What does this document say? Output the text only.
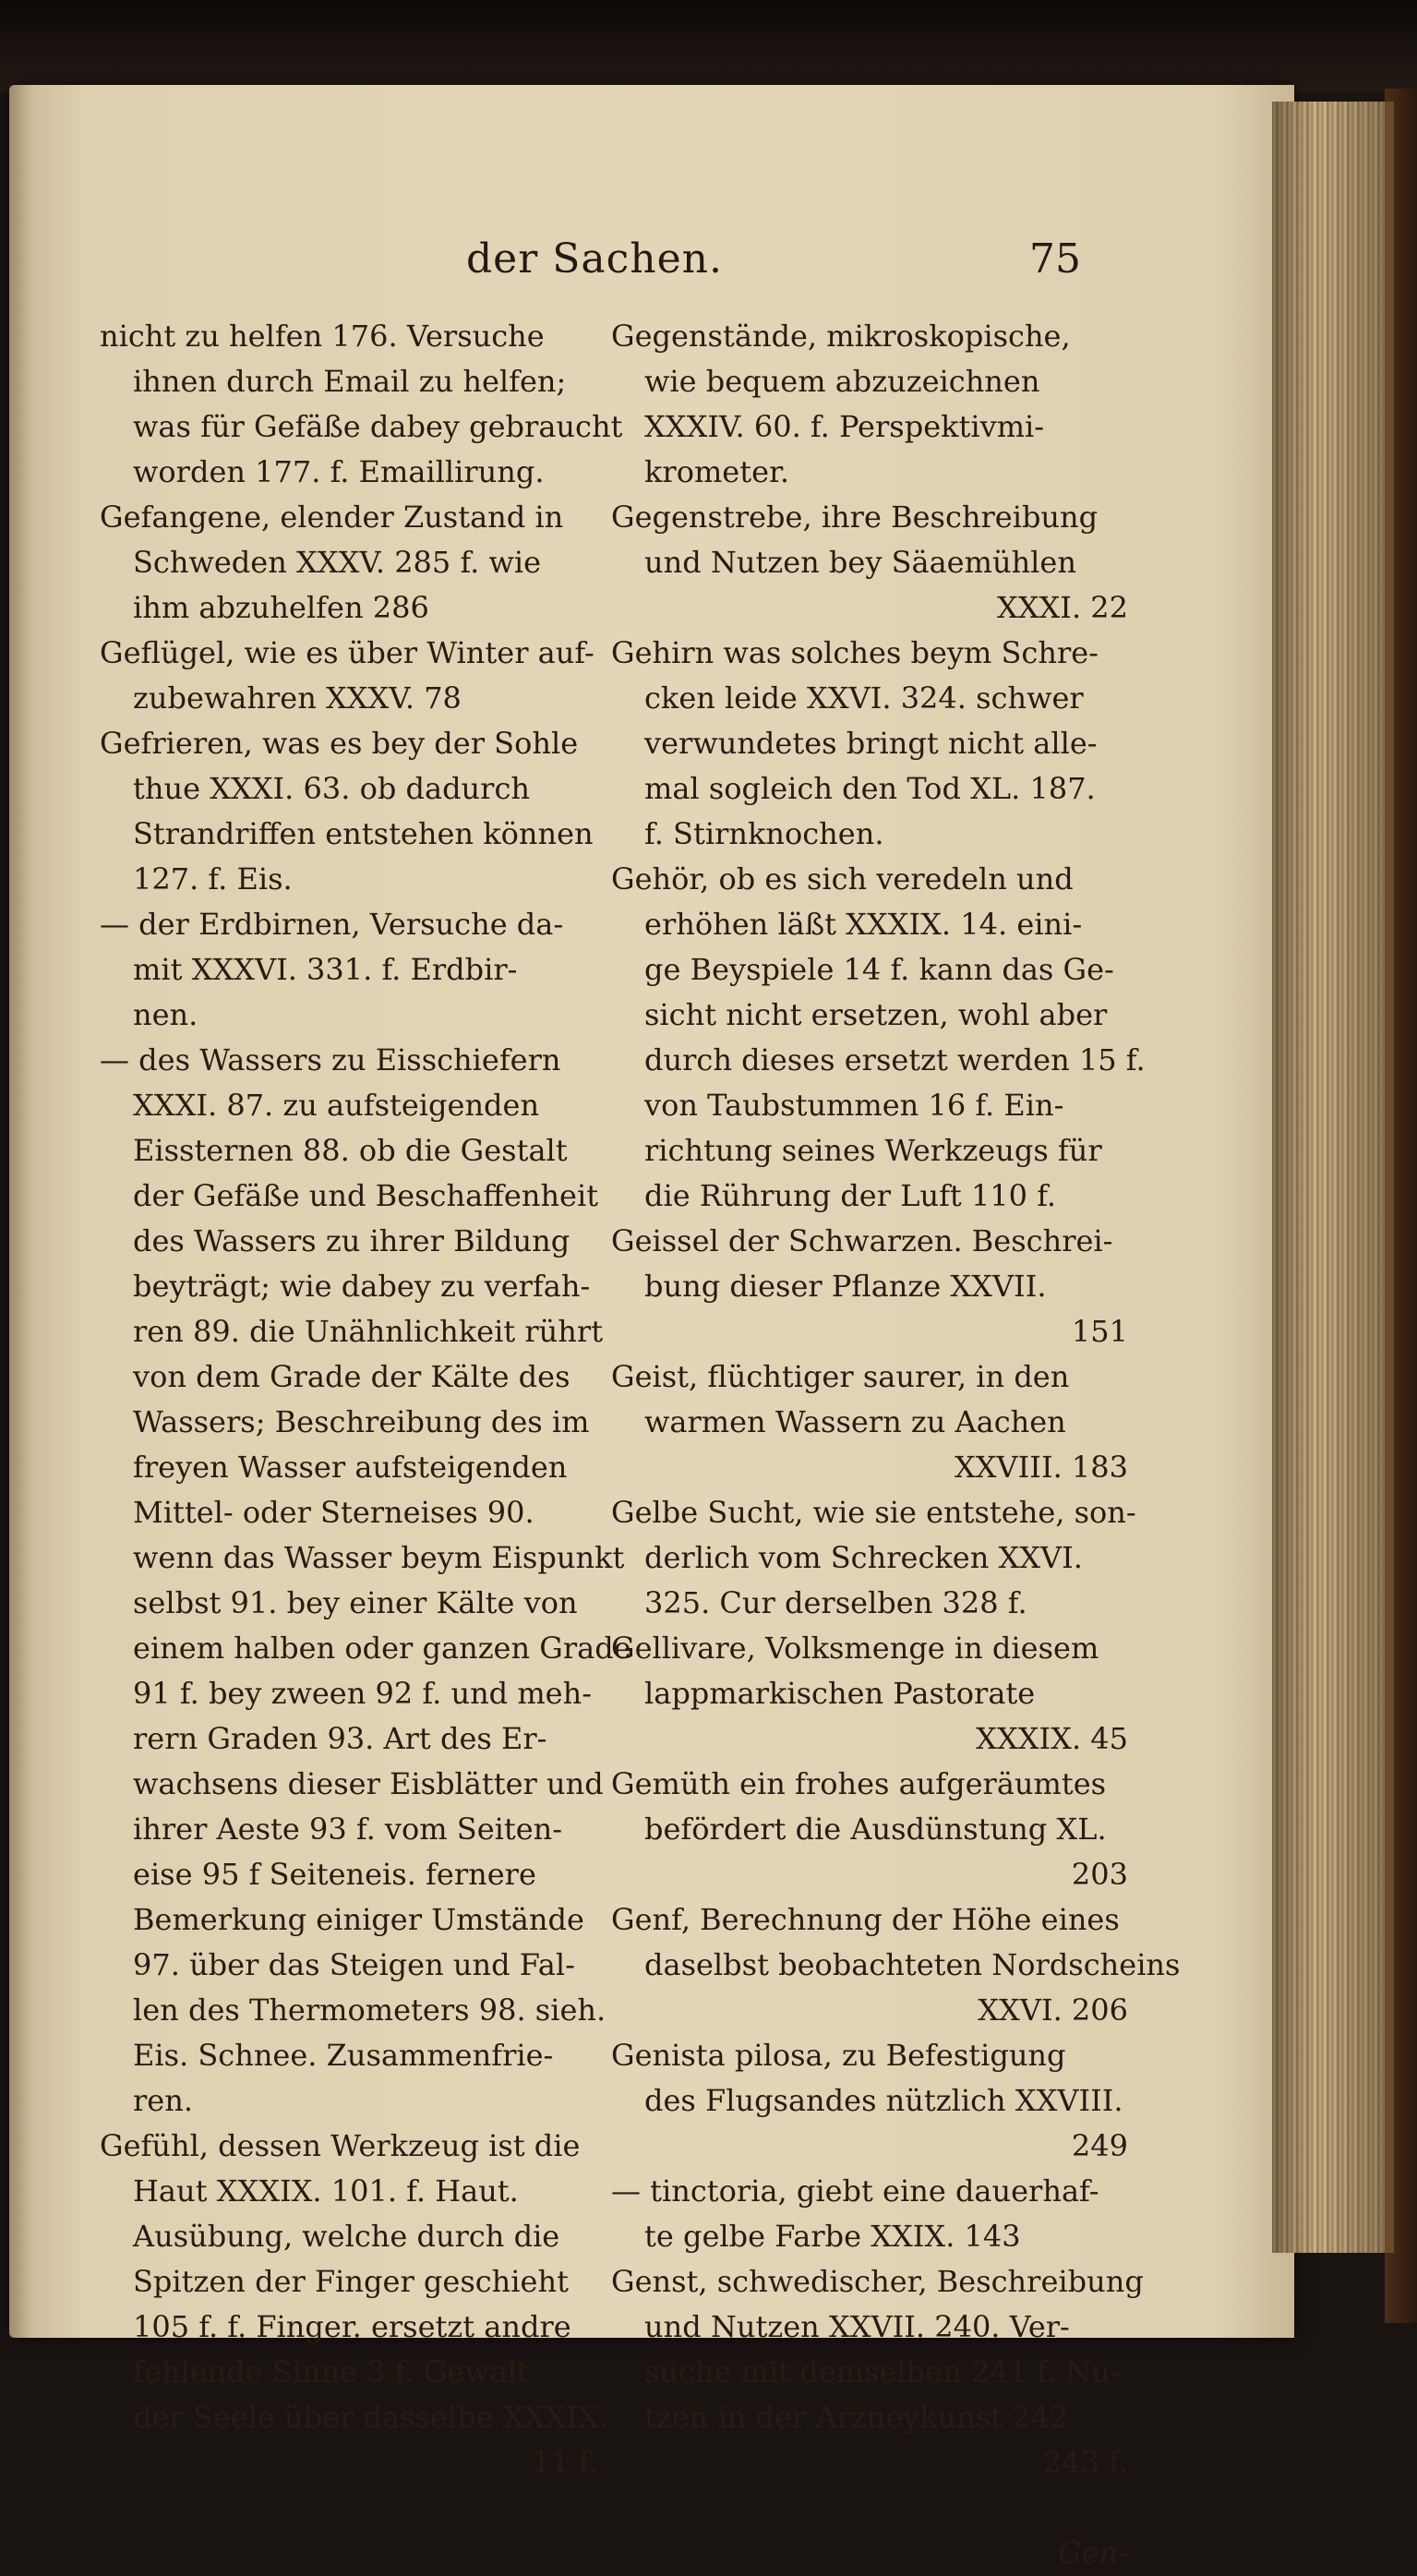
der Sachen.	75
nicht zu helfen 176. Versuche
ihnen durch Email zu helfen;
was für Gefäße dabey gebraucht
worden 177. f. Emaillirung.
Gefangene, elender Zustand in
Schweden XXXV. 285 f. wie
ihm abzuhelfen 286
Geflügel, wie es über Winter auf-
zubewahren XXXV. 78
Gefrieren, was es bey der Sohle
thue XXXI. 63. ob dadurch
Strandriffen entstehen können
127. f. Eis.
— der Erdbirnen, Versuche da-
mit XXXVI. 331. f. Erdbir-
nen.
— des Wassers zu Eisschiefern
XXXI. 87. zu aufsteigenden
Eissternen 88. ob die Gestalt
der Gefäße und Beschaffenheit
des Wassers zu ihrer Bildung
beyträgt; wie dabey zu verfah-
ren 89. die Unähnlichkeit rührt
von dem Grade der Kälte des
Wassers; Beschreibung des im
freyen Wasser aufsteigenden
Mittel- oder Sterneises 90.
wenn das Wasser beym Eispunkt
selbst 91. bey einer Kälte von
einem halben oder ganzen Grade
91 f. bey zween 92 f. und meh-
rern Graden 93. Art des Er-
wachsens dieser Eisblätter und
ihrer Aeste 93 f. vom Seiten-
eise 95 f Seiteneis. fernere
Bemerkung einiger Umstände
97. über das Steigen und Fal-
len des Thermometers 98. sieh.
Eis. Schnee. Zusammenfrie-
ren.
Gefühl, dessen Werkzeug ist die
Haut XXXIX. 101. f. Haut.
Ausübung, welche durch die
Spitzen der Finger geschieht
105 f. f. Finger. ersetzt andre
fehlende Sinne 3 f. Gewalt
der Seele über dasselbe XXXIX.
11 f.
Gegenstände, mikroskopische,
wie bequem abzuzeichnen
XXXIV. 60. f. Perspektivmi-
krometer.
Gegenstrebe, ihre Beschreibung
und Nutzen bey Säaemühlen
XXXI. 22
Gehirn was solches beym Schre-
cken leide XXVI. 324. schwer
verwundetes bringt nicht alle-
mal sogleich den Tod XL. 187.
f. Stirnknochen.
Gehör, ob es sich veredeln und
erhöhen läßt XXXIX. 14. eini-
ge Beyspiele 14 f. kann das Ge-
sicht nicht ersetzen, wohl aber
durch dieses ersetzt werden 15 f.
von Taubstummen 16 f. Ein-
richtung seines Werkzeugs für
die Rührung der Luft 110 f.
Geissel der Schwarzen. Beschrei-
bung dieser Pflanze XXVII.
151
Geist, flüchtiger saurer, in den
warmen Wassern zu Aachen
XXVIII. 183
Gelbe Sucht, wie sie entstehe, son-
derlich vom Schrecken XXVI.
325. Cur derselben 328 f.
Gellivare, Volksmenge in diesem
lappmarkischen Pastorate
XXXIX. 45
Gemüth ein frohes aufgeräumtes
befördert die Ausdünstung XL.
203
Genf, Berechnung der Höhe eines
daselbst beobachteten Nordscheins
XXVI. 206
Genista pilosa, zu Befestigung
des Flugsandes nützlich XXVIII.
249
— tinctoria, giebt eine dauerhaf-
te gelbe Farbe XXIX. 143
Genst, schwedischer, Beschreibung
und Nutzen XXVII. 240. Ver-
suche mit demselben 241 f. Nu-
tzen in der Arzneykunst 242
243 f.
Gen-
